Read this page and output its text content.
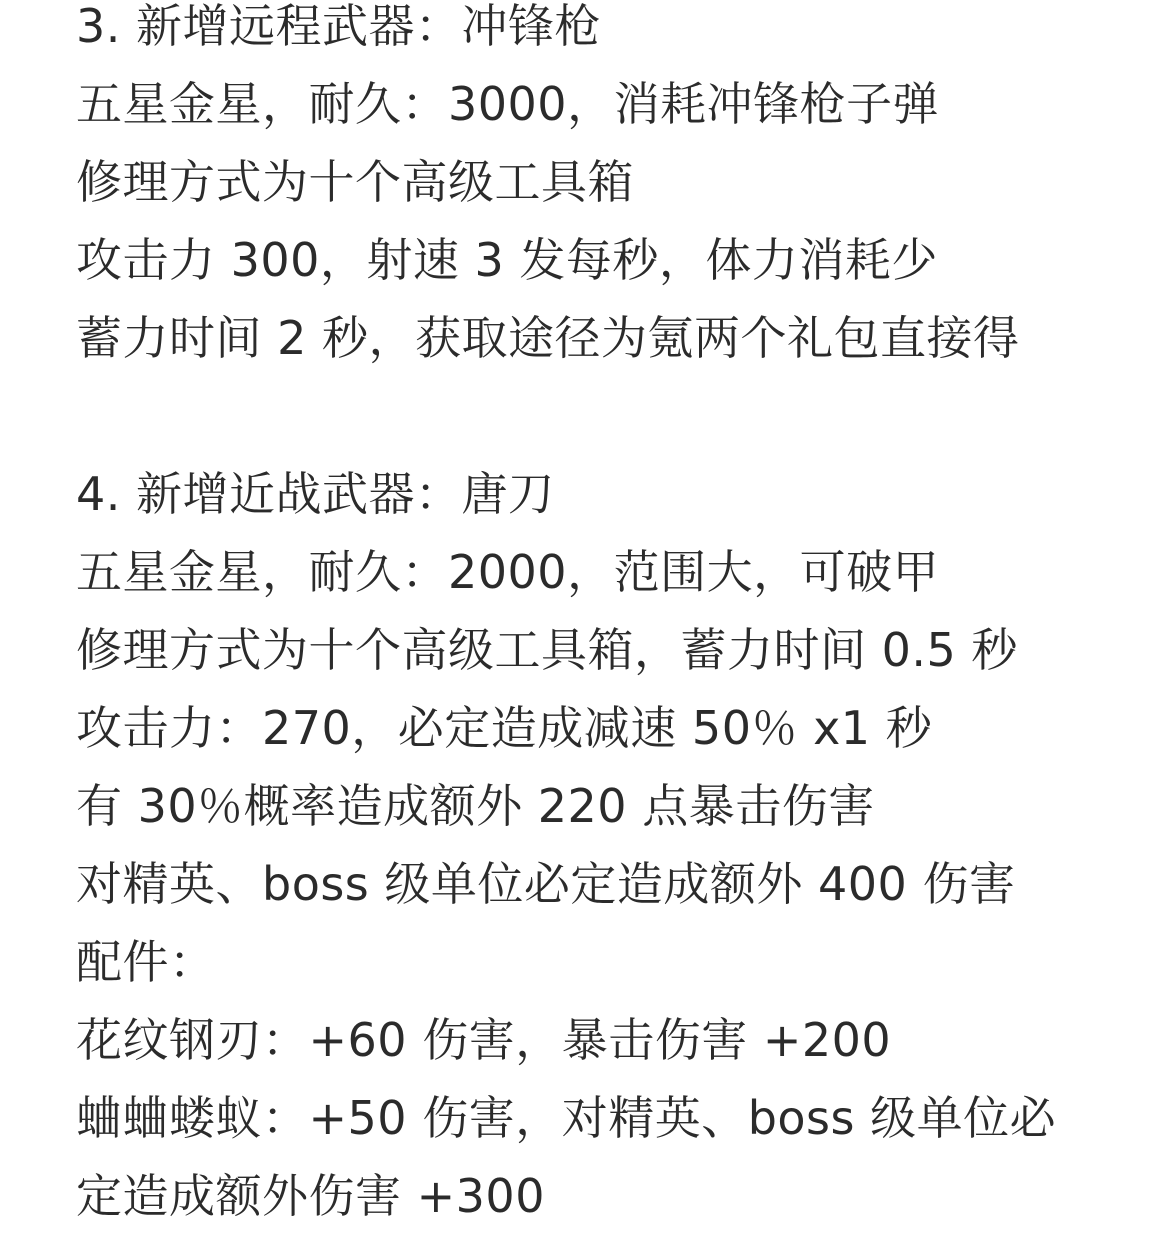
3. 新增远程武器：冲锋枪
五星金星，耐久：3000，消耗冲锋枪子弹
修理方式为十个高级工具箱
攻击力 300，射速 3 发每秒，体力消耗少
蓄力时间 2 秒，获取途径为氪两个礼包直接得
4. 新增近战武器：唐刀
五星金星，耐久：2000，范围大，可破甲
修理方式为十个高级工具箱，蓄力时间 0.5 秒
攻击力：270，必定造成减速 50％ x1 秒
有 30％概率造成额外 220 点暴击伤害
对精英、boss 级单位必定造成额外 400 伤害
配件：
花纹钢刃：+60 伤害，暴击伤害 +200
蛐蛐蝼蚁：+50 伤害，对精英、boss 级单位必
定造成额外伤害 +300
